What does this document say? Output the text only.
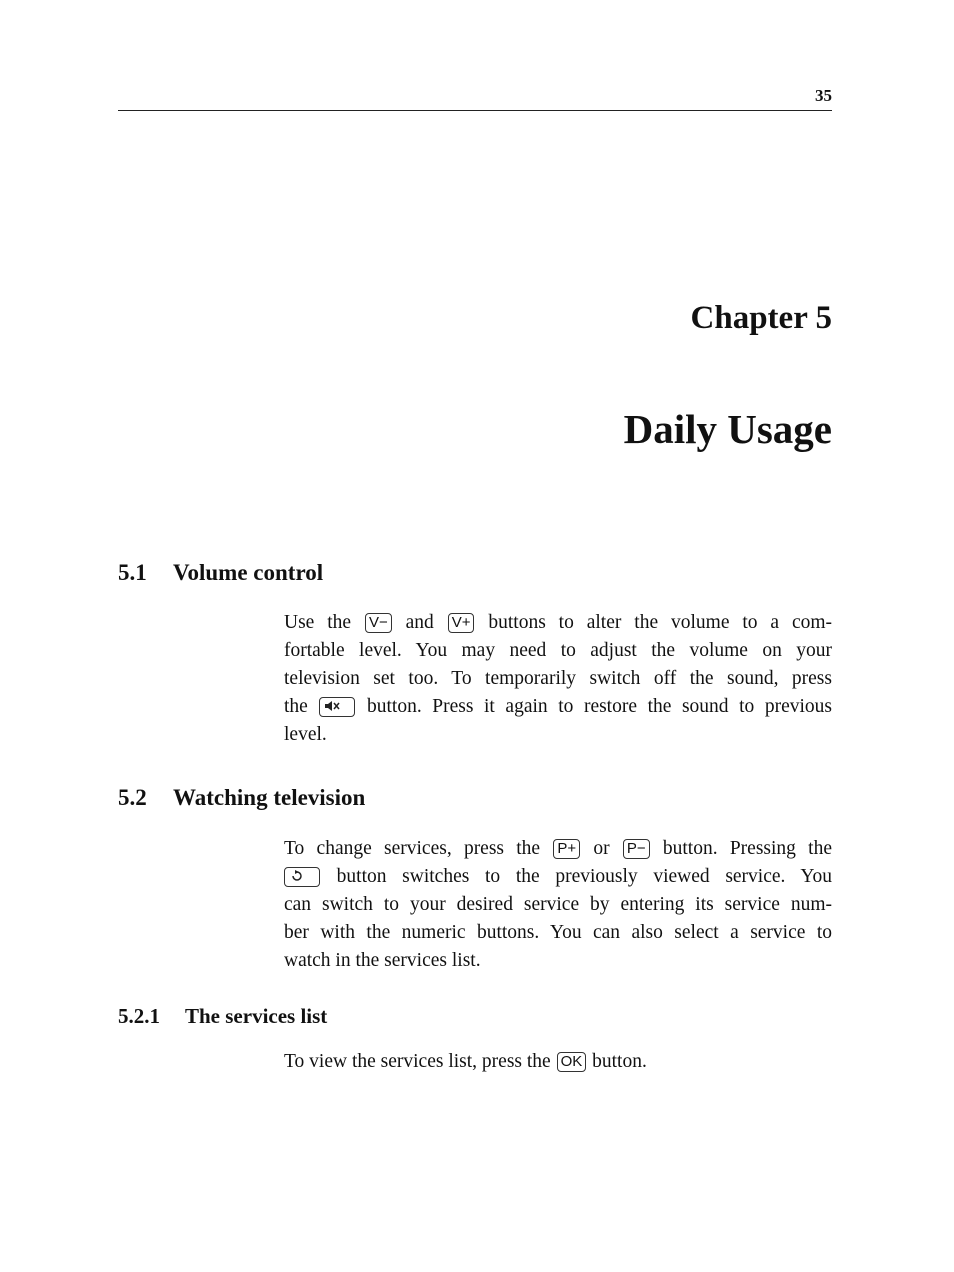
35
Chapter 5
Daily Usage
5.1 Volume control
Use the V− and V+ buttons to alter the volume to a com-
fortable level. You may need to adjust the volume on your
television set too. To temporarily switch off the sound, press
the	button. Press it again to restore the sound to previous
level.
5.2 Watching television
To change services, press the P+ or P− button. Pressing the
button switches to the previously viewed service. You
can switch to your desired service by entering its service num-
ber with the numeric buttons. You can also select a service to
watch in the services list.
5.2.1 The services list
To view the services list, press the OK button.
